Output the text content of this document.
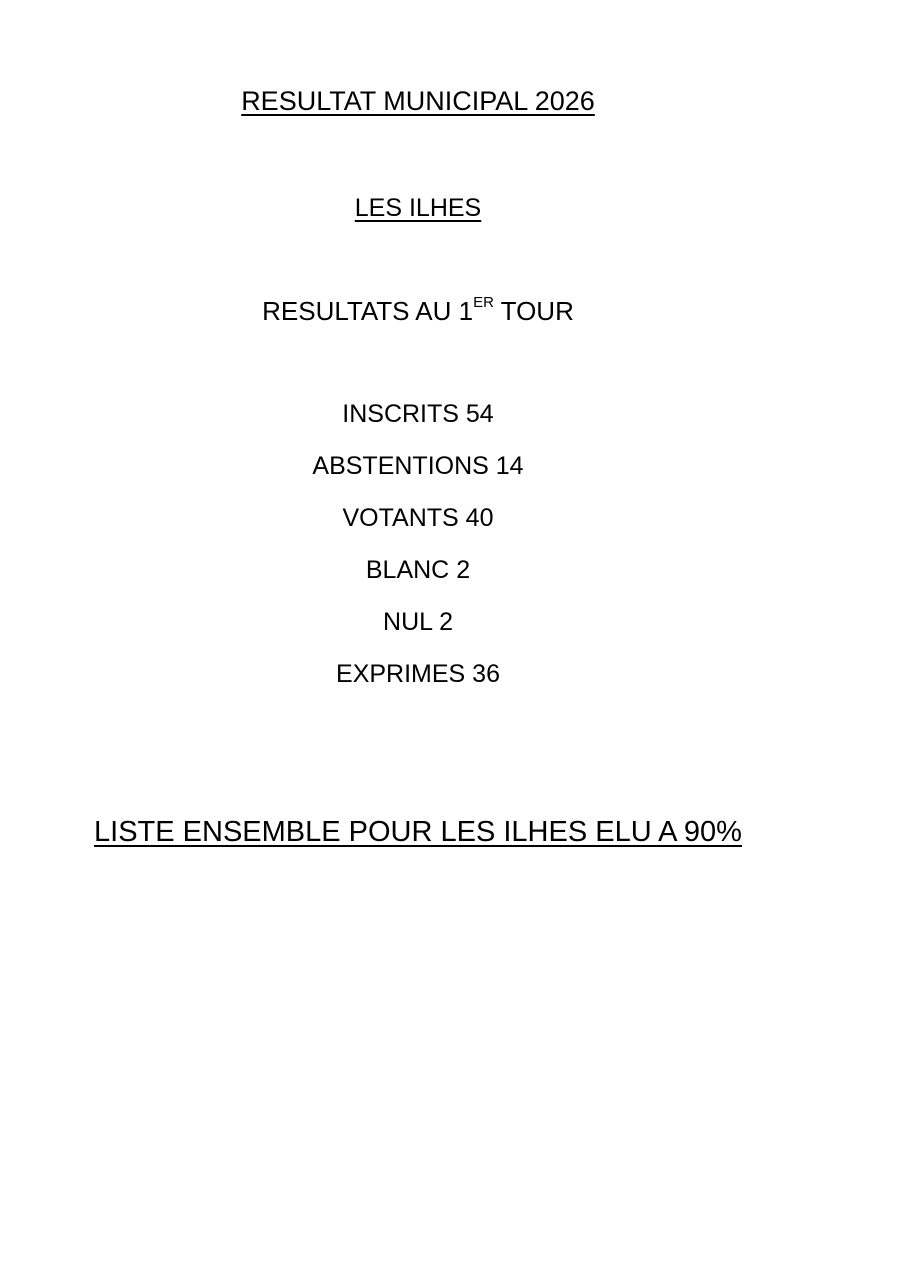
RESULTAT MUNICIPAL 2026
LES ILHES
RESULTATS AU 1ER TOUR
INSCRITS 54
ABSTENTIONS 14
VOTANTS 40
BLANC 2
NUL 2
EXPRIMES 36
LISTE ENSEMBLE POUR LES ILHES ELU A 90%
